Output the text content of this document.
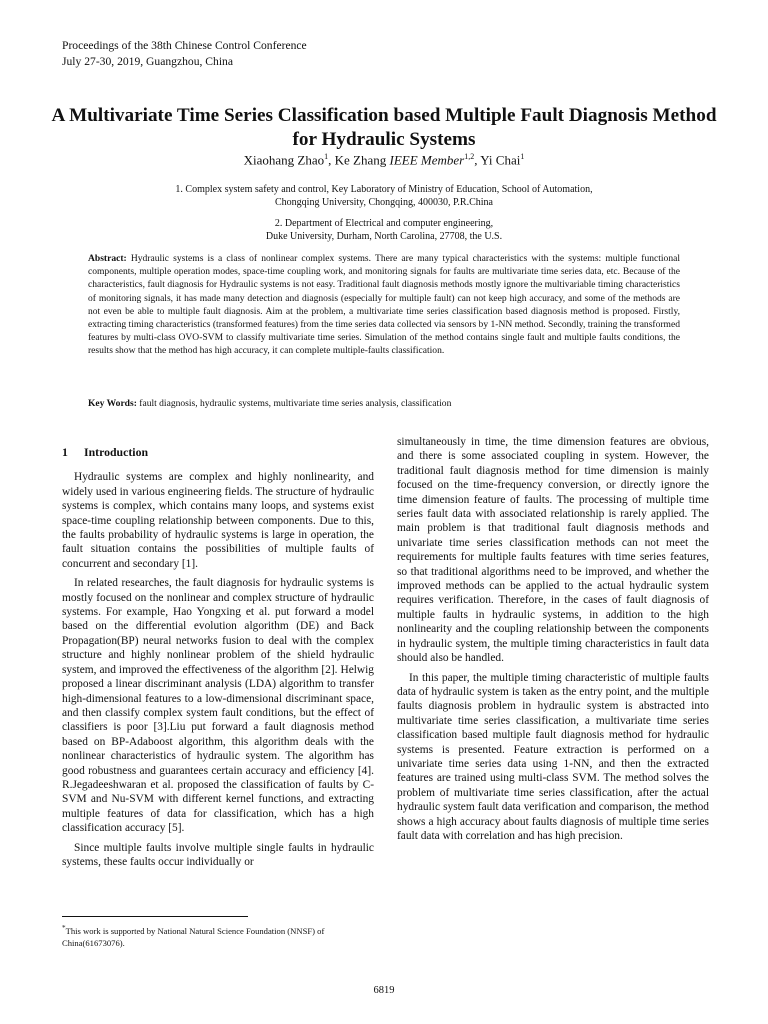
Proceedings of the 38th Chinese Control Conference
July 27-30, 2019, Guangzhou, China
A Multivariate Time Series Classification based Multiple Fault Diagnosis Method for Hydraulic Systems
Xiaohang Zhao$^1$, Ke Zhang IEEE Member$^{1,2}$, Yi Chai$^1$
1. Complex system safety and control, Key Laboratory of Ministry of Education, School of Automation,
Chongqing University, Chongqing, 400030, P.R.China
2. Department of Electrical and computer engineering,
Duke University, Durham, North Carolina, 27708, the U.S.
Abstract: Hydraulic systems is a class of nonlinear complex systems. There are many typical characteristics with the systems: multiple functional components, multiple operation modes, space-time coupling work, and monitoring signals for faults are multivariate time series data, etc. Because of the characteristics, fault diagnosis for Hydraulic systems is not easy. Traditional fault diagnosis methods mostly ignore the multivariable timing characteristics of monitoring signals, it has made many detection and diagnosis (especially for multiple fault) can not keep high accuracy, and some of the methods are not even be able to multiple fault diagnosis. Aim at the problem, a multivariate time series classification based diagnosis method is proposed. Firstly, extracting timing characteristics (transformed features) from the time series data collected via sensors by 1-NN method. Secondly, training the transformed features by multi-class OVO-SVM to classify multivariate time series. Simulation of the method contains single fault and multiple faults conditions, the results show that the method has high accuracy, it can complete multiple-faults classification.
Key Words: fault diagnosis, hydraulic systems, multivariate time series analysis, classification
1 Introduction

Hydraulic systems are complex and highly nonlinearity, and widely used in various engineering fields. The structure of hydraulic systems is complex, which contains many loops, and systems exist space-time coupling relationship between components. Due to this, the faults probability of hydraulic systems is large in operation, the fault situation contains the possibilities of multiple faults of concurrent and secondary [1].

In related researches, the fault diagnosis for hydraulic systems is mostly focused on the nonlinear and complex structure of hydraulic systems. For example, Hao Yongxing et al. put forward a model based on the differential evolution algorithm (DE) and Back Propagation(BP) neural networks fusion to deal with the complex structure and highly nonlinear problem of the shield hydraulic system, and improved the effectiveness of the algorithm [2]. Helwig proposed a linear discriminant analysis (LDA) algorithm to transfer high-dimensional features to a low-dimensional discriminant space, and then classify complex system fault conditions, but the effect of classifiers is poor [3].Liu put forward a fault diagnosis method based on BP-Adaboost algorithm, this algorithm deals with the nonlinear characteristics of hydraulic system. The algorithm has good robustness and guarantees certain accuracy and efficiency [4]. R.Jegadeeshwaran et al. proposed the classification of faults by C-SVM and Nu-SVM with different kernel functions, and extracting multiple features of data for classification, which has a high classification accuracy [5].

Since multiple faults involve multiple single faults in hydraulic systems, these faults occur individually or

simultaneously in time, the time dimension features are obvious, and there is some associated coupling in system. However, the traditional fault diagnosis method for time dimension is mainly focused on the time-frequency conversion, or directly ignore the time dimension feature of faults. The processing of multiple time series fault data with associated relationship is rarely applied. The main problem is that traditional fault diagnosis methods and univariate time series classification methods can not meet the requirements for multiple faults features with time series features, so that traditional algorithms need to be improved, and whether the improved methods can be applied to the actual hydraulic system requires verification. Therefore, in the cases of fault diagnosis of multiple faults in hydraulic systems, in addition to the high nonlinearity and the coupling relationship between the components in hydraulic system, the multiple timing characteristics in fault data should also be handled.

In this paper, the multiple timing characteristic of multiple faults data of hydraulic system is taken as the entry point, and the multiple faults diagnosis problem in hydraulic system is abstracted into multivariate time series classification, a multivariate time series classification based multiple fault diagnosis method for hydraulic systems is presented. Feature extraction is performed on a univariate time series data using 1-NN, and then the extracted features are trained using multi-class SVM. The method solves the problem of multivariate time series classification, after the actual hydraulic system fault data verification and comparison, the method shows a high accuracy about faults diagnosis of multiple time series fault data with correlation and has high precision.

*This work is supported by National Natural Science Foundation (NNSF) of China(61673076).
6819
